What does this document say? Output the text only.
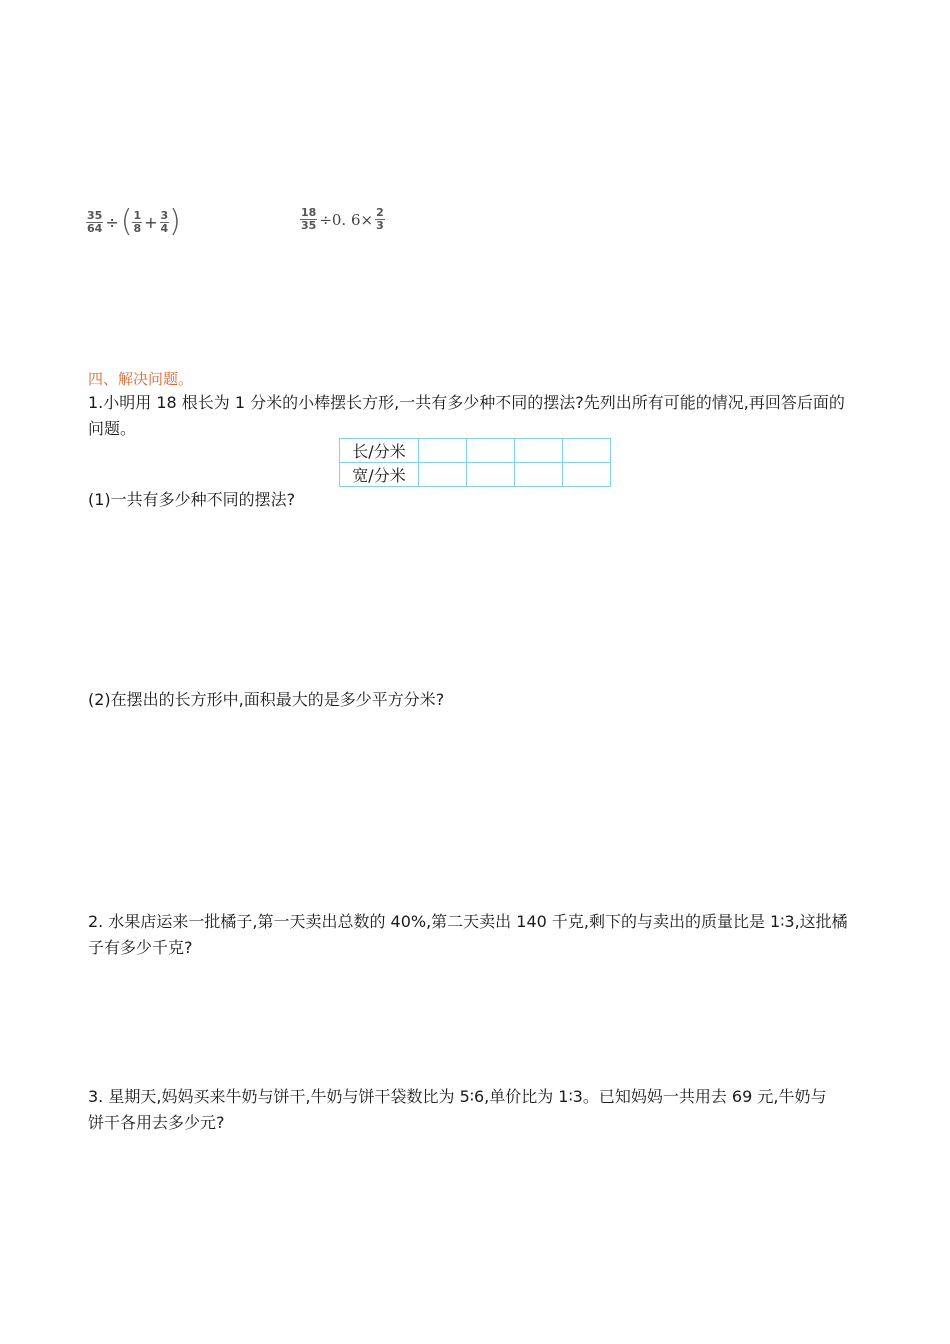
$\frac{35}{64}$ ÷ ( $\frac{1}{8} + \frac{3}{4}$ )	$\frac{18}{35} \div 0$. $6\times \frac{2}{3}$
四、解决问题。
1.小明用 18 根长为 1 分米的小棒摆长方形,一共有多少种不同的摆法?先列出所有可能的情况,再回答后面的
问题。
长/分米				
宽/分米				
(1)一共有多少种不同的摆法?
(2)在摆出的长方形中,面积最大的是多少平方分米?
2. 水果店运来一批橘子,第一天卖出总数的 40%,第二天卖出 140 千克,剩下的与卖出的质量比是 1∶3,这批橘
子有多少千克?
3. 星期天,妈妈买来牛奶与饼干,牛奶与饼干袋数比为 5∶6,单价比为 1∶3。已知妈妈一共用去 69 元,牛奶与
饼干各用去多少元?
